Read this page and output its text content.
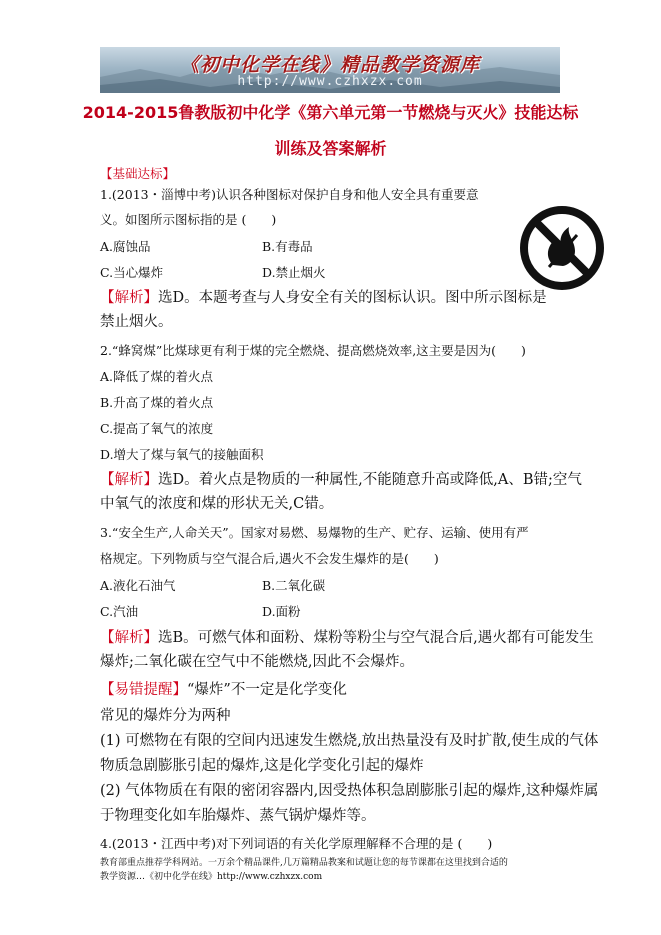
《初中化学在线》精品教学资源库
http://www.czhxzx.com
2014-2015鲁教版初中化学《第六单元第一节燃烧与灭火》技能达标
训练及答案解析
【基础达标】
1.(2013・淄博中考)认识各种图标对保护自身和他人安全具有重要意
义。如图所示图标指的是 (　　)
A.腐蚀品	B.有毒品
C.当心爆炸	D.禁止烟火
【解析】选D。本题考查与人身安全有关的图标认识。图中所示图标是
禁止烟火。
2.“蜂窝煤”比煤球更有利于煤的完全燃烧、提高燃烧效率,这主要是因为(　　)
A.降低了煤的着火点
B.升高了煤的着火点
C.提高了氧气的浓度
D.增大了煤与氧气的接触面积
【解析】选D。着火点是物质的一种属性,不能随意升高或降低,A、B错;空气
中氧气的浓度和煤的形状无关,C错。
3.“安全生产,人命关天”。国家对易燃、易爆物的生产、贮存、运输、使用有严
格规定。下列物质与空气混合后,遇火不会发生爆炸的是(　　)
A.液化石油气	B.二氧化碳
C.汽油	D.面粉
【解析】选B。可燃气体和面粉、煤粉等粉尘与空气混合后,遇火都有可能发生
爆炸;二氧化碳在空气中不能燃烧,因此不会爆炸。
【易错提醒】“爆炸”不一定是化学变化
常见的爆炸分为两种
(1) 可燃物在有限的空间内迅速发生燃烧,放出热量没有及时扩散,使生成的气体
物质急剧膨胀引起的爆炸,这是化学变化引起的爆炸
(2) 气体物质在有限的密闭容器内,因受热体积急剧膨胀引起的爆炸,这种爆炸属
于物理变化如车胎爆炸、蒸气锅炉爆炸等。
4.(2013・江西中考)对下列词语的有关化学原理解释不合理的是 (　　)
教育部重点推荐学科网站。一万余个精品课件,几万篇精品教案和试题让您的每节课都在这里找到合适的
教学资源…《初中化学在线》http://www.czhxzx.com
